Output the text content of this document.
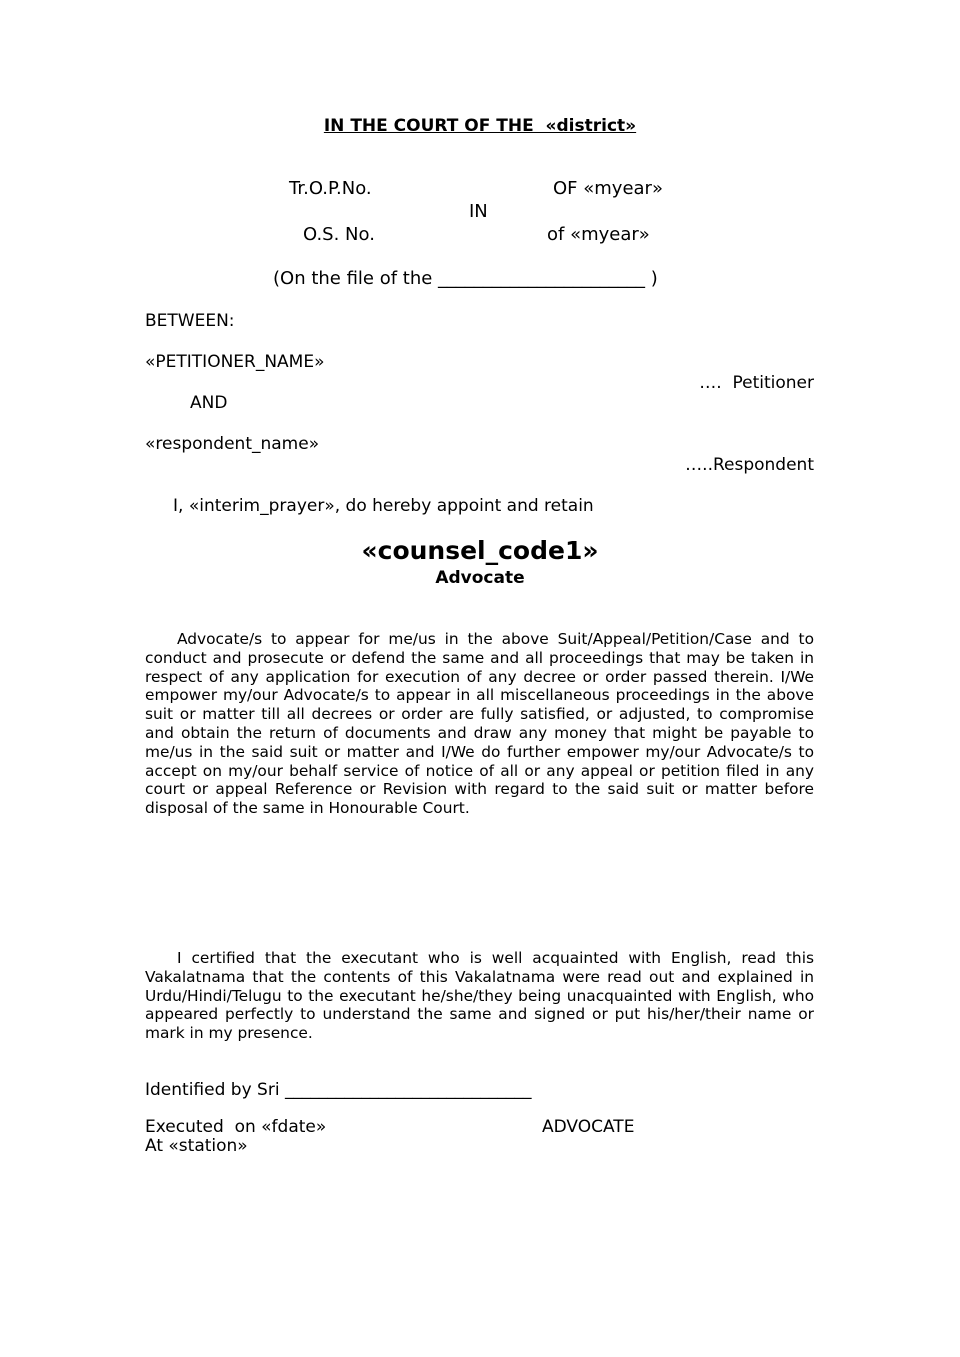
IN THE COURT OF THE  «district»
Tr.O.P.No.	OF «myear»
IN
O.S. No.	of «myear»
(On the file of the _______________________ )
BETWEEN:
«PETITIONER_NAME»
….  Petitioner
AND
«respondent_name»
…..Respondent
I, «interim_prayer», do hereby appoint and retain
«counsel_code1»
Advocate
Advocate/s to appear for me/us in the above Suit/Appeal/Petition/Case and to conduct and prosecute or defend the same and all proceedings that may be taken in respect of any application for execution of any decree or order passed therein. I/We empower my/our Advocate/s to appear in all miscellaneous proceedings in the above suit or matter till all decrees or order are fully satisfied, or adjusted, to compromise and obtain the return of documents and draw any money that might be payable to me/us in the said suit or matter and I/We do further empower my/our Advocate/s to accept on my/our behalf service of notice of all or any appeal or petition filed in any court or appeal Reference or Revision with regard to the said suit or matter before disposal of the same in Honourable Court.
I certified that the executant who is well acquainted with English, read this Vakalatnama that the contents of this Vakalatnama were read out and explained in Urdu/Hindi/Telugu to the executant he/she/they being unacquainted with English, who appeared perfectly to understand the same and signed or put his/her/their name or mark in my presence.
Identified by Sri _____________________________
Executed  on «fdate»	ADVOCATE
At «station»
